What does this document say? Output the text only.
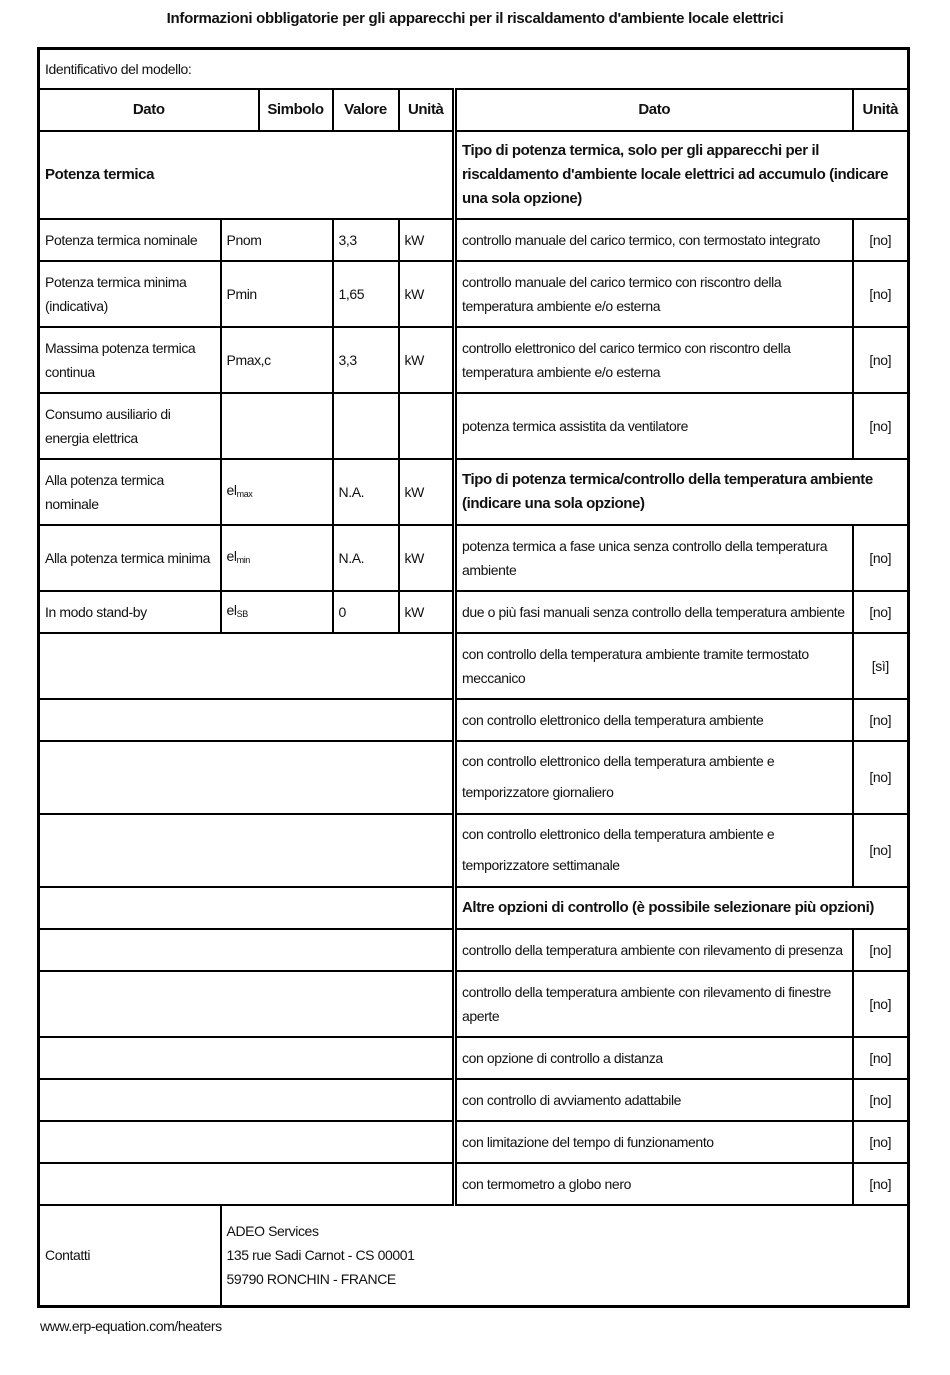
Informazioni obbligatorie per gli apparecchi per il riscaldamento d'ambiente locale elettrici
Identificativo del modello:						
Dato		Simbolo	Valore	Unità	Dato	Unità
Potenza termica					Tipo di potenza termica, solo per gli apparecchi per il riscaldamento d'ambiente locale elettrici ad accumulo (indicare una sola opzione)	
Potenza termica nominale	Pnom		3,3	kW	controllo manuale del carico termico, con termostato integrato	[no]
Potenza termica minima (indicativa)	Pmin		1,65	kW	controllo manuale del carico termico con riscontro della temperatura ambiente e/o esterna	[no]
Massima potenza termica continua	Pmax,c		3,3	kW	controllo elettronico del carico termico con riscontro della temperatura ambiente e/o esterna	[no]
Consumo ausiliario di energia elettrica					potenza termica assistita da ventilatore	[no]
Alla potenza termica nominale	$el_{max}$		N.A.	kW	Tipo di potenza termica/controllo della temperatura ambiente (indicare una sola opzione)	
Alla potenza termica minima	$el_{min}$		N.A.	kW	potenza termica a fase unica senza controllo della temperatura ambiente	[no]
In modo stand-by	$el_{SB}$		0	kW	due o più fasi manuali senza controllo della temperatura ambiente	[no]
					con controllo della temperatura ambiente tramite termostato meccanico	[sì]
					con controllo elettronico della temperatura ambiente	[no]
					con controllo elettronico della temperatura ambiente e temporizzatore giornaliero	[no]
					con controllo elettronico della temperatura ambiente e temporizzatore settimanale	[no]
					Altre opzioni di controllo (è possibile selezionare più opzioni)	
					controllo della temperatura ambiente con rilevamento di presenza	[no]
					controllo della temperatura ambiente con rilevamento di finestre aperte	[no]
					con opzione di controllo a distanza	[no]
					con controllo di avviamento adattabile	[no]
					con limitazione del tempo di funzionamento	[no]
					con termometro a globo nero	[no]
Contatti	ADEO Services
135 rue Sadi Carnot - CS 00001
59790 RONCHIN - FRANCE					
www.erp-equation.com/heaters
